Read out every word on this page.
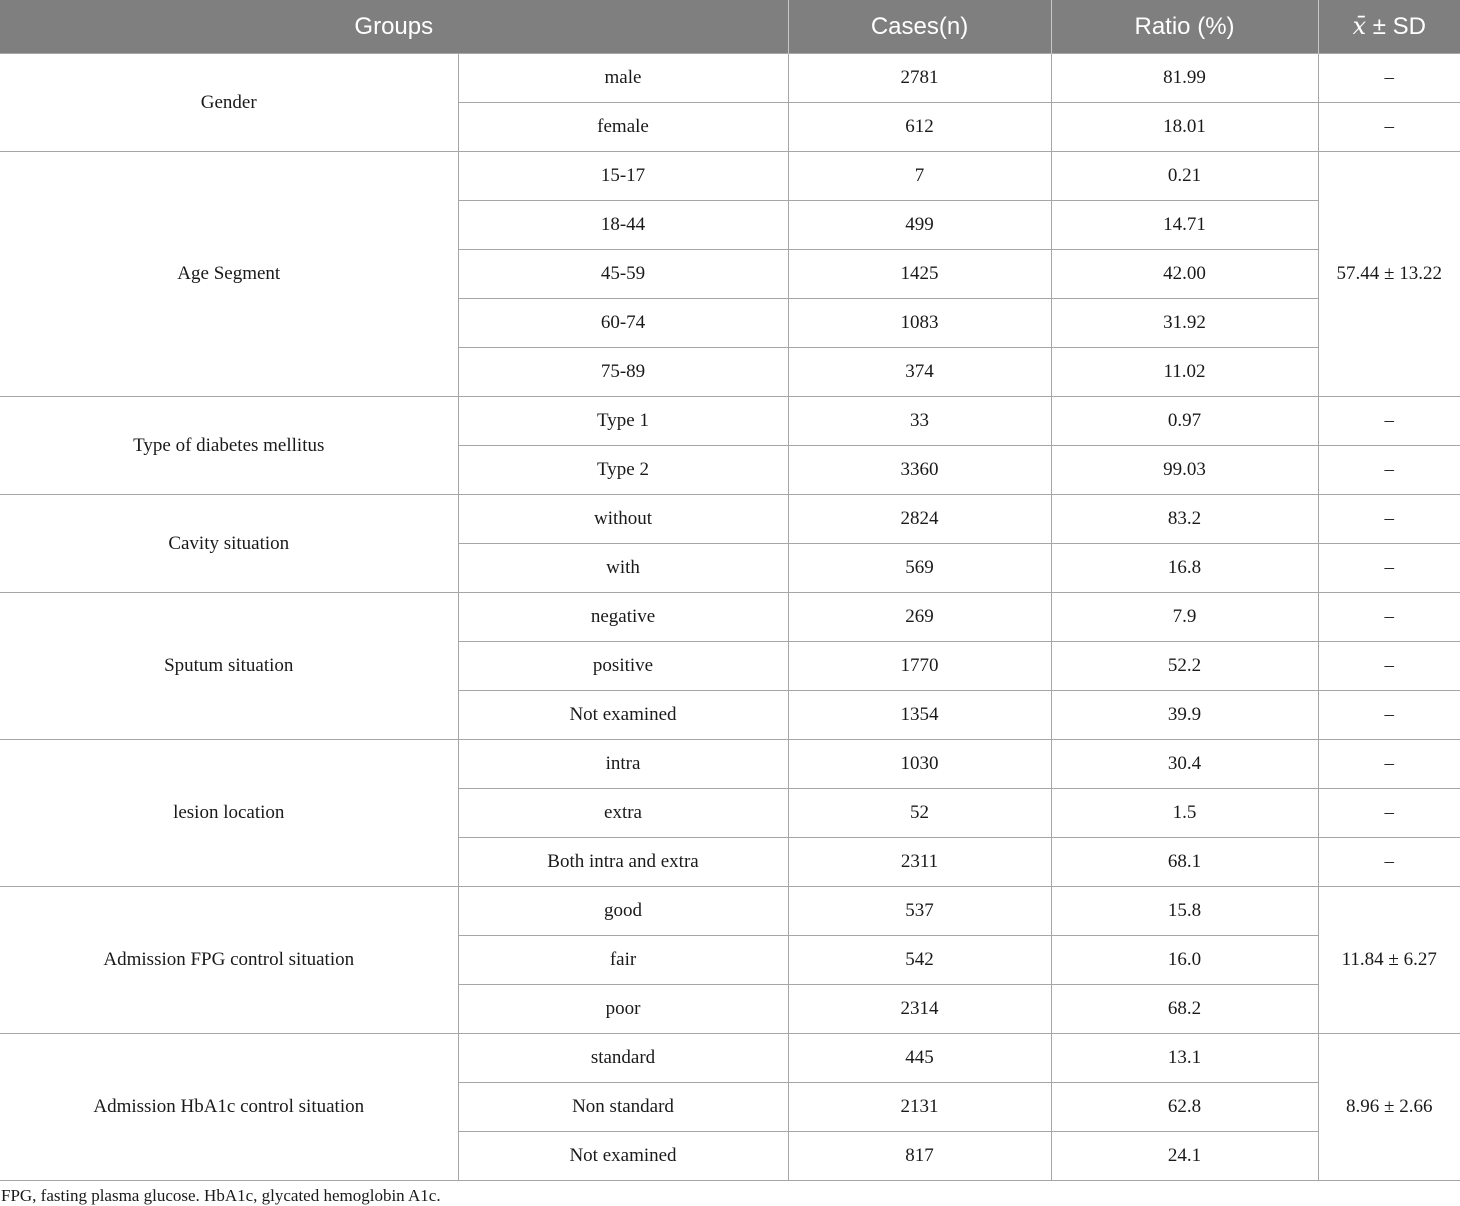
Groups		Cases(n)	Ratio (%)	x̄ ± SD
Gender	male	2781	81.99	–
	female	612	18.01	–
Age Segment	15-17	7	0.21	57.44 ± 13.22
	18-44	499	14.71	
	45-59	1425	42.00	
	60-74	1083	31.92	
	75-89	374	11.02	
Type of diabetes mellitus	Type 1	33	0.97	–
	Type 2	3360	99.03	–
Cavity situation	without	2824	83.2	–
	with	569	16.8	–
Sputum situation	negative	269	7.9	–
	positive	1770	52.2	–
	Not examined	1354	39.9	–
lesion location	intra	1030	30.4	–
	extra	52	1.5	–
	Both intra and extra	2311	68.1	–
Admission FPG control situation	good	537	15.8	11.84 ± 6.27
	fair	542	16.0	
	poor	2314	68.2	
Admission HbA1c control situation	standard	445	13.1	8.96 ± 2.66
	Non standard	2131	62.8	
	Not examined	817	24.1	
FPG, fasting plasma glucose. HbA1c, glycated hemoglobin A1c.
